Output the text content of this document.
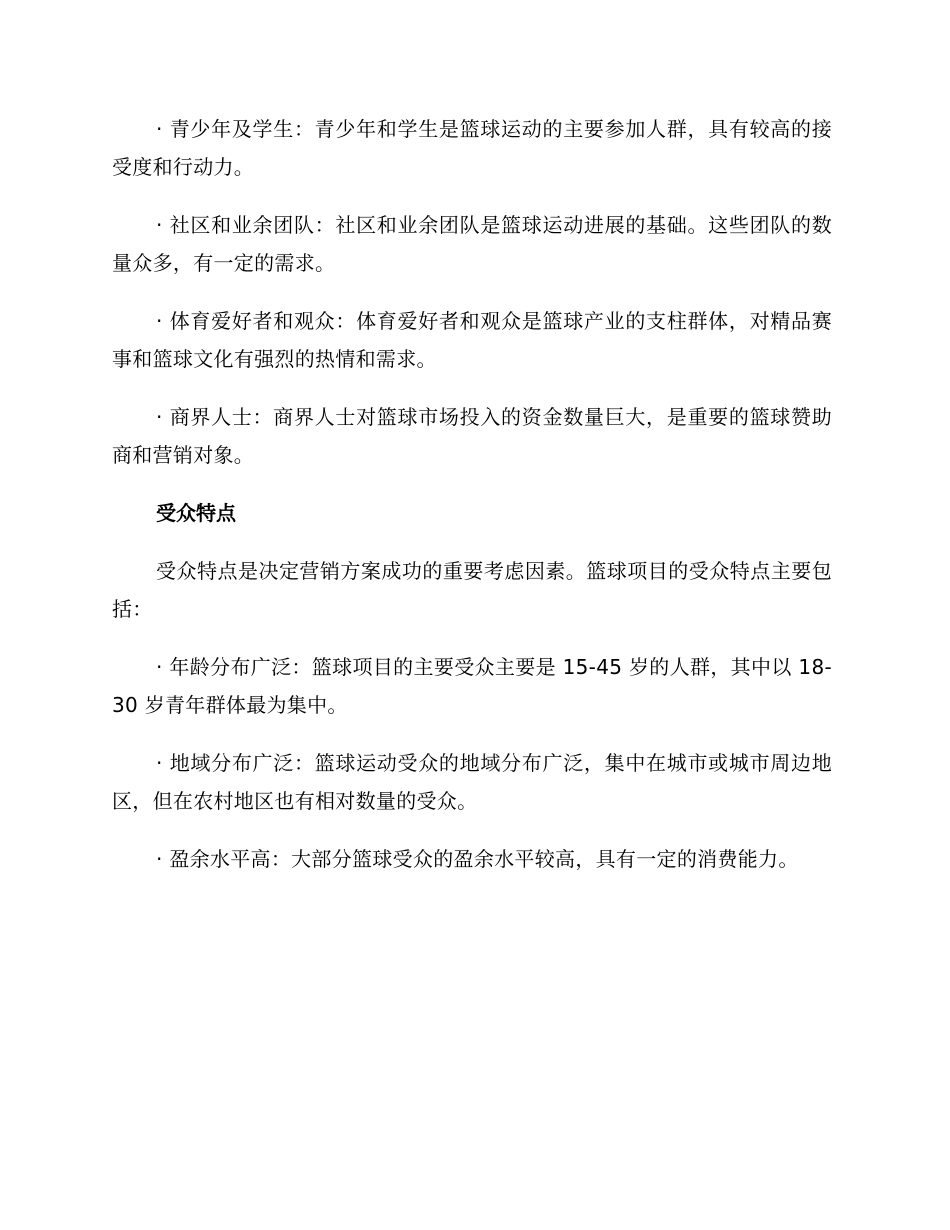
· 青少年及学生：青少年和学生是篮球运动的主要参加人群，具有较高的接受度和行动力。

· 社区和业余团队：社区和业余团队是篮球运动进展的基础。这些团队的数量众多，有一定的需求。

· 体育爱好者和观众：体育爱好者和观众是篮球产业的支柱群体，对精品赛事和篮球文化有强烈的热情和需求。

· 商界人士：商界人士对篮球市场投入的资金数量巨大，是重要的篮球赞助商和营销对象。

受众特点

受众特点是决定营销方案成功的重要考虑因素。篮球项目的受众特点主要包括：

· 年龄分布广泛：篮球项目的主要受众主要是 15-45 岁的人群，其中以 18-30 岁青年群体最为集中。

· 地域分布广泛：篮球运动受众的地域分布广泛，集中在城市或城市周边地区，但在农村地区也有相对数量的受众。

· 盈余水平高：大部分篮球受众的盈余水平较高，具有一定的消费能力。
